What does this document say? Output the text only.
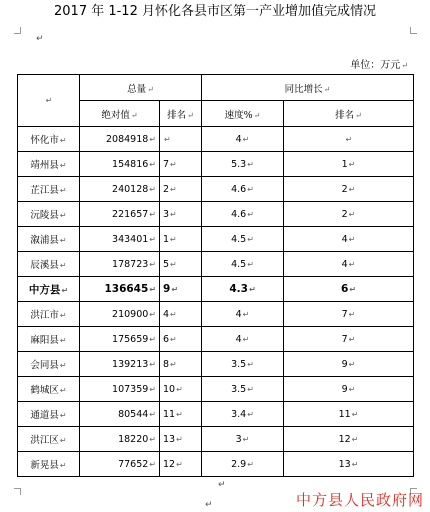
2017 年 1-12 月怀化各县市区第一产业增加值完成情况
↵
↵
↵
单位：万元↵
↵	总量↵		同比增长↵	
	绝对值↵	排名↵	速度%↵	排名↵
怀化市↵	2084918↵	↵	4↵	↵
靖州县↵	154816↵	7↵	5.3↵	1↵
芷江县↵	240128↵	2↵	4.6↵	2↵
沅陵县↵	221657↵	3↵	4.6↵	2↵
溆浦县↵	343401↵	1↵	4.5↵	4↵
辰溪县↵	178723↵	5↵	4.5↵	4↵
中方县↵	136645↵	9↵	4.3↵	6↵
洪江市↵	210900↵	4↵	4↵	7↵
麻阳县↵	175659↵	6↵	4↵	7↵
会同县↵	139213↵	8↵	3.5↵	9↵
鹤城区↵	107359↵	10↵	3.5↵	9↵
通道县↵	80544↵	11↵	3.4↵	11↵
洪江区↵	18220↵	13↵	3↵	12↵
新晃县↵	77652↵	12↵	2.9↵	13↵
中方县人民政府网
